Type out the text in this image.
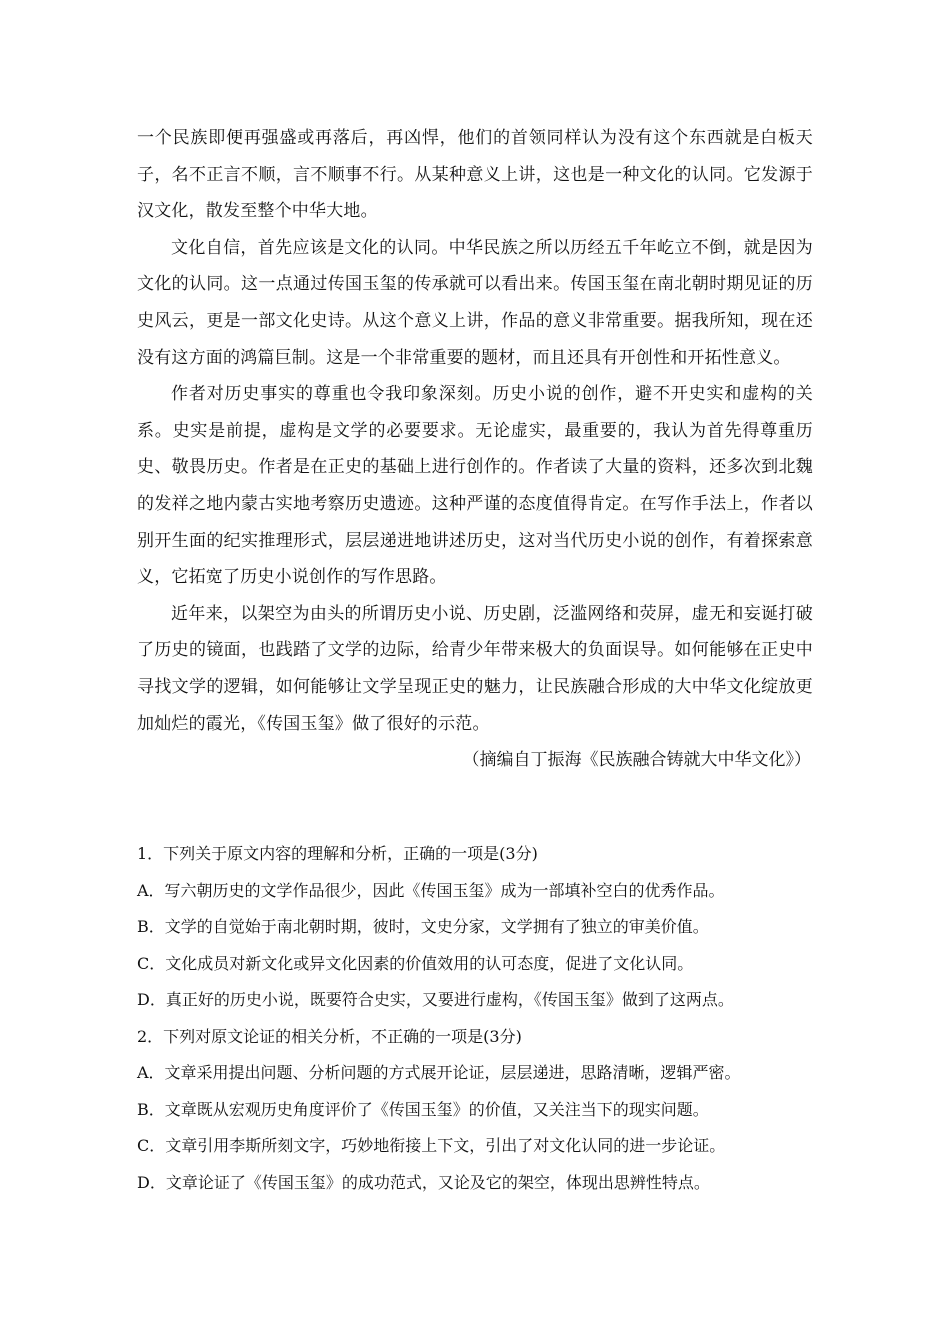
一个民族即便再强盛或再落后，再凶悍，他们的首领同样认为没有这个东西就是白板天子，名不正言不顺，言不顺事不行。从某种意义上讲，这也是一种文化的认同。它发源于汉文化，散发至整个中华大地。

文化自信，首先应该是文化的认同。中华民族之所以历经五千年屹立不倒，就是因为文化的认同。这一点通过传国玉玺的传承就可以看出来。传国玉玺在南北朝时期见证的历史风云，更是一部文化史诗。从这个意义上讲，作品的意义非常重要。据我所知，现在还没有这方面的鸿篇巨制。这是一个非常重要的题材，而且还具有开创性和开拓性意义。

作者对历史事实的尊重也令我印象深刻。历史小说的创作，避不开史实和虚构的关系。史实是前提，虚构是文学的必要要求。无论虚实，最重要的，我认为首先得尊重历史、敬畏历史。作者是在正史的基础上进行创作的。作者读了大量的资料，还多次到北魏的发祥之地内蒙古实地考察历史遗迹。这种严谨的态度值得肯定。在写作手法上，作者以别开生面的纪实推理形式，层层递进地讲述历史，这对当代历史小说的创作，有着探索意义，它拓宽了历史小说创作的写作思路。

近年来，以架空为由头的所谓历史小说、历史剧，泛滥网络和荧屏，虚无和妄诞打破了历史的镜面，也践踏了文学的边际，给青少年带来极大的负面误导。如何能够在正史中寻找文学的逻辑，如何能够让文学呈现正史的魅力，让民族融合形成的大中华文化绽放更加灿烂的霞光，《传国玉玺》做了很好的示范。

（摘编自丁振海《民族融合铸就大中华文化》）

1．下列关于原文内容的理解和分析，正确的一项是(3分)

A．写六朝历史的文学作品很少，因此《传国玉玺》成为一部填补空白的优秀作品。

B．文学的自觉始于南北朝时期，彼时，文史分家，文学拥有了独立的审美价值。

C．文化成员对新文化或异文化因素的价值效用的认可态度，促进了文化认同。

D．真正好的历史小说，既要符合史实，又要进行虚构，《传国玉玺》做到了这两点。

2．下列对原文论证的相关分析，不正确的一项是(3分)

A．文章采用提出问题、分析问题的方式展开论证，层层递进，思路清晰，逻辑严密。

B．文章既从宏观历史角度评价了《传国玉玺》的价值，又关注当下的现实问题。

C．文章引用李斯所刻文字，巧妙地衔接上下文，引出了对文化认同的进一步论证。

D．文章论证了《传国玉玺》的成功范式，又论及它的架空，体现出思辨性特点。
